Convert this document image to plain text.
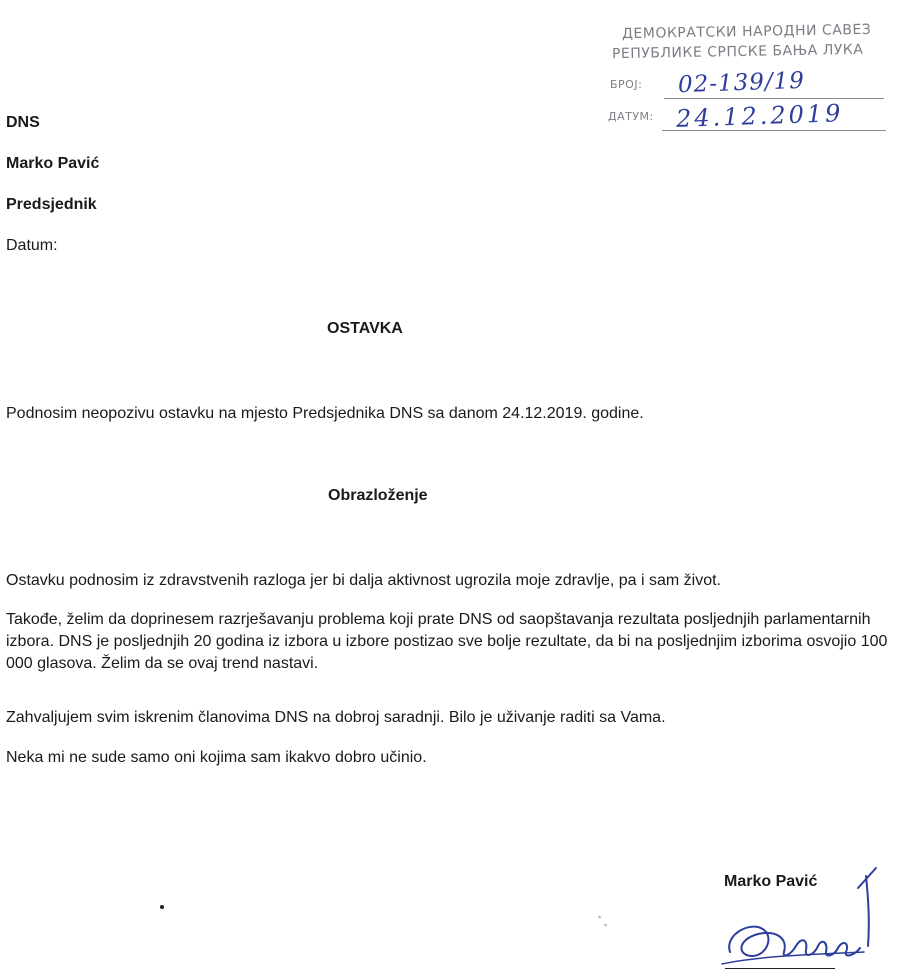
ДЕМОКРАТСКИ НАРОДНИ САВЕЗ
РЕПУБЛИКЕ СРПСКЕ БАЊА ЛУКА
БРОЈ: 02-139/19
ДАТУМ: 24.12.2019
DNS
Marko Pavić
Predsjednik
Datum:
OSTAVKA
Podnosim neopozivu ostavku na mjesto Predsjednika DNS sa danom 24.12.2019. godine.
Obrazloženje
Ostavku podnosim iz zdravstvenih razloga jer bi dalja aktivnost ugrozila moje zdravlje, pa i sam život.
Takođe, želim da doprinesem razrješavanju problema koji prate DNS od saopštavanja rezultata posljednjih parlamentarnih izbora. DNS je posljednjih 20 godina iz izbora u izbore postizao sve bolje rezultate, da bi na posljednjim izborima osvojio 100 000 glasova. Želim da se ovaj trend nastavi.
Zahvaljujem svim iskrenim članovima DNS na dobroj saradnji. Bilo je uživanje raditi sa Vama.
Neka mi ne sude samo oni kojima sam ikakvo dobro učinio.
Marko Pavić
